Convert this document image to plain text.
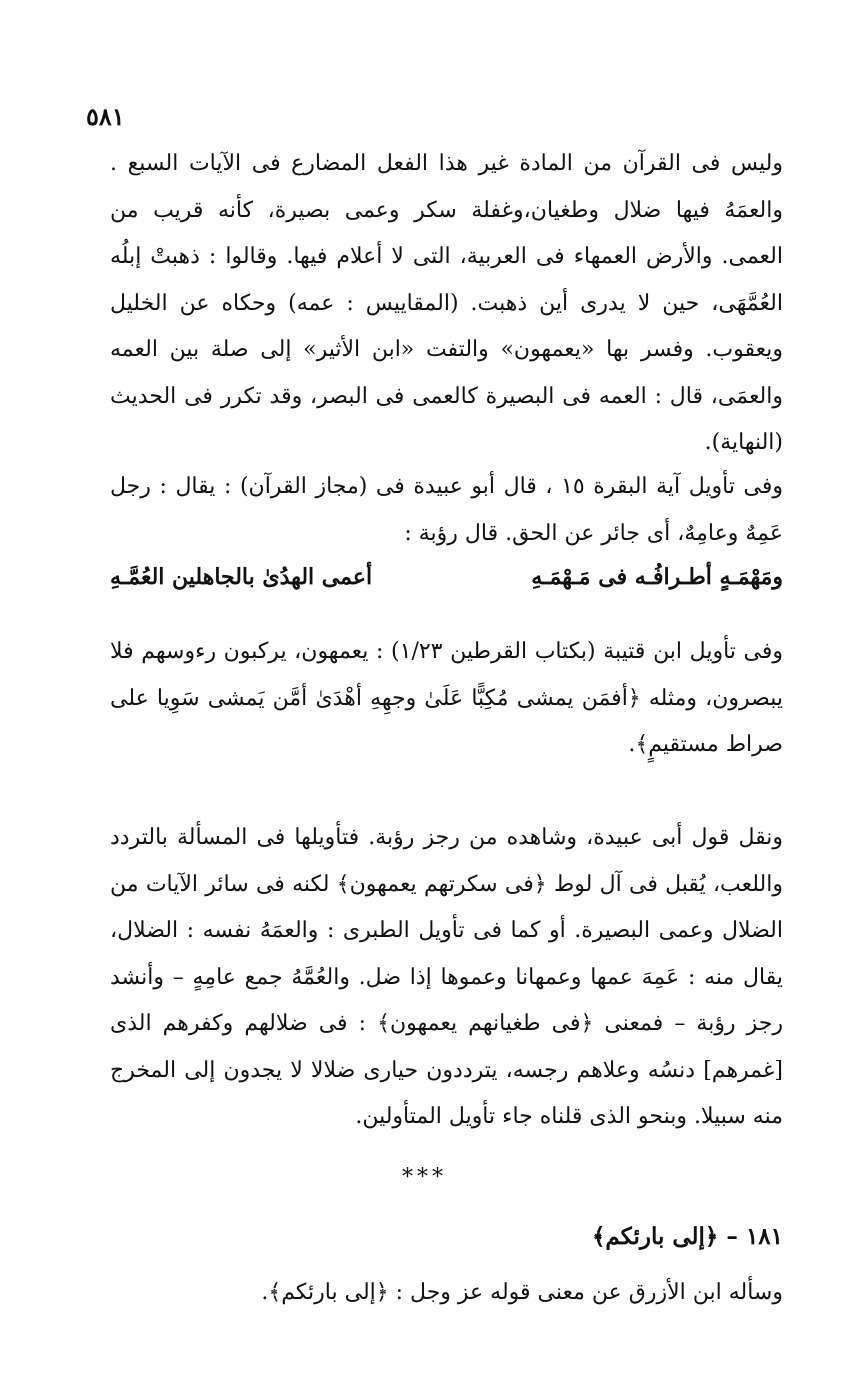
٥٨١

وليس فى القرآن من المادة غير هذا الفعل المضارع فى الآيات السبع . والعمَهُ فيها ضلال وطغيان،وغفلة سكر وعمى بصيرة، كأنه قريب من العمى. والأرض العمهاء فى العربية، التى لا أعلام فيها. وقالوا : ذهبتْ إبلُه العُمَّهَى، حين لا يدرى أين ذهبت. (المقاييس : عمه) وحكاه عن الخليل ويعقوب. وفسر بها «يعمهون» والتفت «ابن الأثير» إلى صلة بين العمه والعمَى، قال : العمه فى البصيرة كالعمى فى البصر، وقد تكرر فى الحديث (النهاية).

وفى تأويل آية البقرة ١٥ ، قال أبو عبيدة فى (مجاز القرآن) : يقال : رجل عَمِهٌ وعامِهٌ، أى جائر عن الحق. قال رؤبة :

ومَهْمَـهٍ أطـرافُـه فى مَـهْمَـهِ
أعمى الهدُىٰ بالجاهلين العُمَّـهِ

وفى تأويل ابن قتيبة (بكتاب القرطين ١/٢٣) : يعمهون، يركبون رءوسهم فلا يبصرون، ومثله ﴿أفمَن يمشى مُكِبًّا عَلَىٰ وجهِهِ أهْدَىٰ أمَّن يَمشى سَوِيا على صراط مستقيمٍ﴾.

ونقل قول أبى عبيدة، وشاهده من رجز رؤبة. فتأويلها فى المسألة بالتردد واللعب، يُقبل فى آل لوط ﴿فى سكرتهم يعمهون﴾ لكنه فى سائر الآيات من الضلال وعمى البصيرة. أو كما فى تأويل الطبرى : والعمَهُ نفسه : الضلال، يقال منه : عَمِهَ عمها وعمهانا وعموها إذا ضل. والعُمَّهُ جمع عامِهٍ – وأنشد رجز رؤبة – فمعنى ﴿فى طغيانهم يعمهون﴾ : فى ضلالهم وكفرهم الذى [غمرهم] دنسُه وعلاهم رجسه، يترددون حيارى ضلالا لا يجدون إلى المخرج منه سبيلا. وبنحو الذى قلناه جاء تأويل المتأولين.

***
١٨١ – ﴿إلى بارئكم﴾

وسأله ابن الأزرق عن معنى قوله عز وجل : ﴿إلى بارئكم﴾.
